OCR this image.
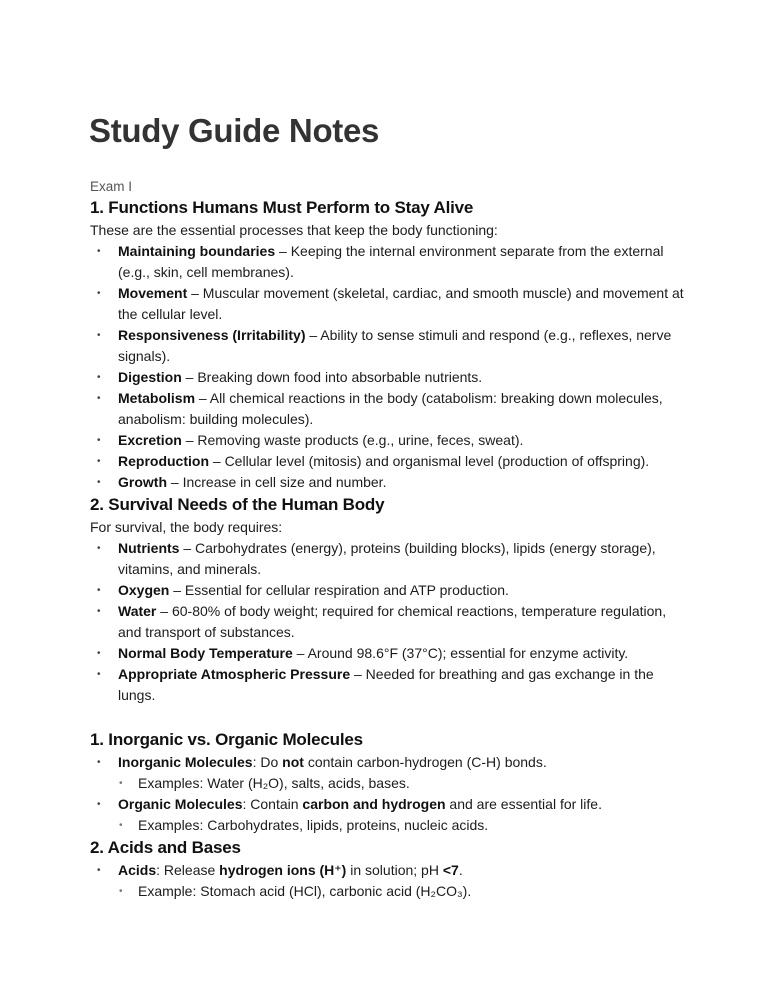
Study Guide Notes

Exam I

1. Functions Humans Must Perform to Stay Alive

These are the essential processes that keep the body functioning:

• Maintaining boundaries – Keeping the internal environment separate from the external (e.g., skin, cell membranes).
• Movement – Muscular movement (skeletal, cardiac, and smooth muscle) and movement at the cellular level.
• Responsiveness (Irritability) – Ability to sense stimuli and respond (e.g., reflexes, nerve signals).
• Digestion – Breaking down food into absorbable nutrients.
• Metabolism – All chemical reactions in the body (catabolism: breaking down molecules, anabolism: building molecules).
• Excretion – Removing waste products (e.g., urine, feces, sweat).
• Reproduction – Cellular level (mitosis) and organismal level (production of offspring).
• Growth – Increase in cell size and number.
2. Survival Needs of the Human Body

For survival, the body requires:

• Nutrients – Carbohydrates (energy), proteins (building blocks), lipids (energy storage), vitamins, and minerals.
• Oxygen – Essential for cellular respiration and ATP production.
• Water – 60-80% of body weight; required for chemical reactions, temperature regulation, and transport of substances.
• Normal Body Temperature – Around 98.6°F (37°C); essential for enzyme activity.
• Appropriate Atmospheric Pressure – Needed for breathing and gas exchange in the lungs.
1. Inorganic vs. Organic Molecules
• Inorganic Molecules: Do not contain carbon-hydrogen (C-H) bonds.
• Examples: Water (H₂O), salts, acids, bases.
• Organic Molecules: Contain carbon and hydrogen and are essential for life.
• Examples: Carbohydrates, lipids, proteins, nucleic acids.
2. Acids and Bases
• Acids: Release hydrogen ions (H⁺) in solution; pH <7.
• Example: Stomach acid (HCl), carbonic acid (H₂CO₃).
